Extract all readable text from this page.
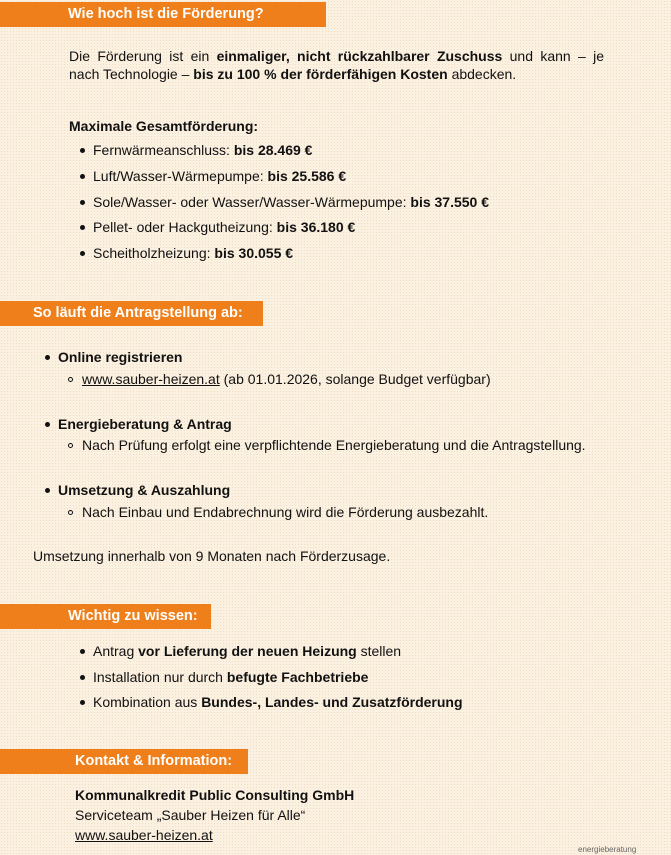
Wie hoch ist die Förderung?
Die Förderung ist ein einmaliger, nicht rückzahlbarer Zuschuss und kann – je
nach Technologie – bis zu 100 % der förderfähigen Kosten abdecken.
Maximale Gesamtförderung:
Fernwärmeanschluss: bis 28.469 €
Luft/Wasser-Wärmepumpe: bis 25.586 €
Sole/Wasser- oder Wasser/Wasser-Wärmepumpe: bis 37.550 €
Pellet- oder Hackgutheizung: bis 36.180 €
Scheitholzheizung: bis 30.055 €
So läuft die Antragstellung ab:
Online registrieren
www.sauber-heizen.at (ab 01.01.2026, solange Budget verfügbar)
Energieberatung & Antrag
Nach Prüfung erfolgt eine verpflichtende Energieberatung und die Antragstellung.
Umsetzung & Auszahlung
Nach Einbau und Endabrechnung wird die Förderung ausbezahlt.
Umsetzung innerhalb von 9 Monaten nach Förderzusage.
Wichtig zu wissen:
Antrag vor Lieferung der neuen Heizung stellen
Installation nur durch befugte Fachbetriebe
Kombination aus Bundes-, Landes- und Zusatzförderung
Kontakt & Information:
Kommunalkredit Public Consulting GmbH
Serviceteam „Sauber Heizen für Alle“
www.sauber-heizen.at
energieberatung
